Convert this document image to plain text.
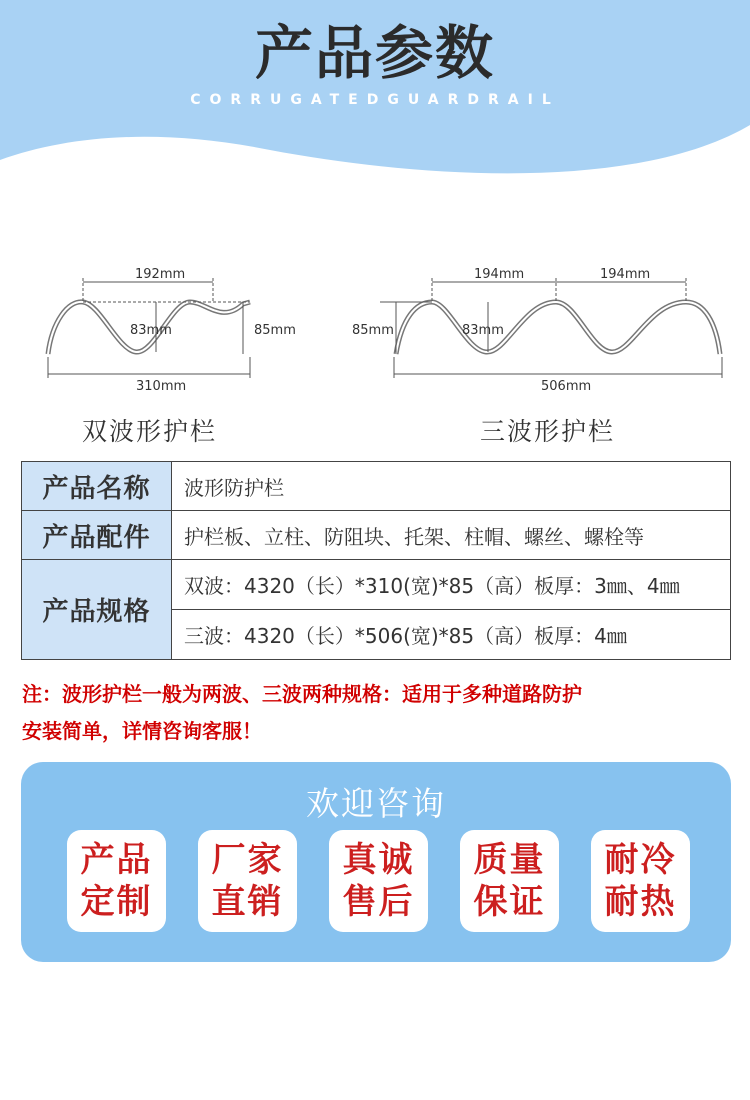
产品参数
CORRUGATEDGUARDRAIL
192mm
83mm	85mm
310mm
双波形护栏
194mm	194mm
85mm	83mm
506mm
三波形护栏
产品名称	波形防护栏
产品配件	护栏板、立柱、防阻块、托架、柱帽、螺丝、螺栓等
产品规格	双波：4320（长）*310(宽)*85（高）板厚：3㎜、4㎜
	三波：4320（长）*506(宽)*85（高）板厚：4㎜
注：波形护栏一般为两波、三波两种规格：适用于多种道路防护
安装简单，详情咨询客服！
欢迎咨询
产品
定制
厂家
直销
真诚
售后
质量
保证
耐冷
耐热
